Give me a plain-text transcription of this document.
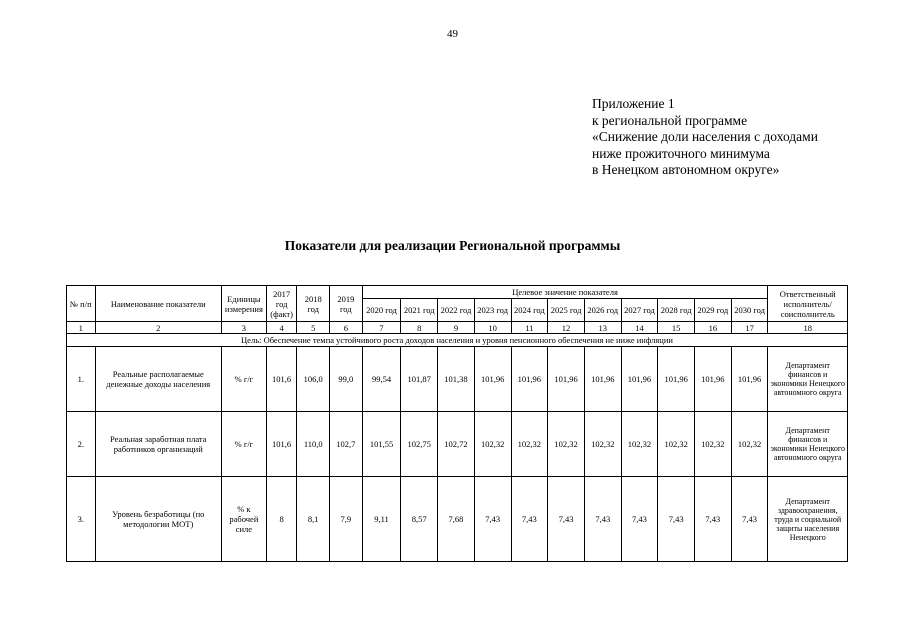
49
Приложение 1
к региональной программе
«Снижение доли населения с доходами
ниже прожиточного минимума
в Ненецком автономном округе»
Показатели для реализации Региональной программы
№ п/п	Наименование показатели	Единицы измерения	2017 год (факт)	2018 год	2019 год	Целевое значение показателя											Ответственный исполнитель/ соисполнитель
						2020 год	2021 год	2022 год	2023 год	2024 год	2025 год	2026 год	2027 год	2028 год	2029 год	2030 год	
1	2	3	4	5	6	7	8	9	10	11	12	13	14	15	16	17	18
Цель: Обеспечение темпа устойчивого роста доходов населения и уровня пенсионного обеспечения не ниже инфляции																	
1.	Реальные располагаемые денежные доходы населения	% г/г	101,6	106,0	99,0	99,54	101,87	101,38	101,96	101,96	101,96	101,96	101,96	101,96	101,96	101,96	Департамент финансов и экономики Ненецкого автономного округа
2.	Реальная заработная плата работников организаций	% г/г	101,6	110,0	102,7	101,55	102,75	102,72	102,32	102,32	102,32	102,32	102,32	102,32	102,32	102,32	Департамент финансов и экономики Ненецкого автономного округа
3.	Уровень безработицы (по методологии МОТ)	% к рабочей силе	8	8,1	7,9	9,11	8,57	7,68	7,43	7,43	7,43	7,43	7,43	7,43	7,43	7,43	Департамент здравоохранения, труда и социальной защиты населения Ненецкого
